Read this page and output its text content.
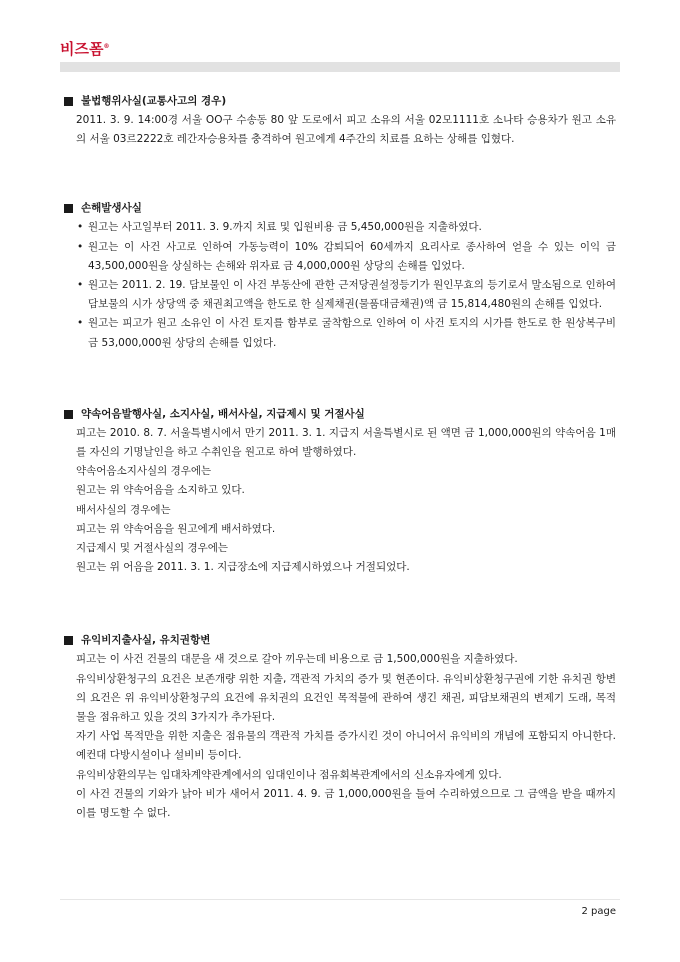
비즈폼®
불법행위사실(교통사고의 경우)

2011. 3. 9. 14:00경 서울 OO구 수송동 80 앞 도로에서 피고 소유의 서울 02모1111호 소나타 승용차가 원고 소유의 서울 03르2222호 레간자승용차를 충격하여 원고에게 4주간의 치료를 요하는 상해를 입혔다.

손해발생사실
• 원고는 사고일부터 2011. 3. 9.까지 치료 및 입원비용 금 5,450,000원을 지출하였다.
• 원고는 이 사건 사고로 인하여 가동능력이 10% 감퇴되어 60세까지 요리사로 종사하여 얻을 수 있는 이익 금 43,500,000원을 상실하는 손해와 위자료 금 4,000,000원 상당의 손해를 입었다.
• 원고는 2011. 2. 19. 담보물인 이 사건 부동산에 관한 근저당권설정등기가 원인무효의 등기로서 말소됨으로 인하여 담보물의 시가 상당액 중 채권최고액을 한도로 한 실제채권(물품대금채권)액 금 15,814,480원의 손해를 입었다.
• 원고는 피고가 원고 소유인 이 사건 토지를 함부로 굴착함으로 인하여 이 사건 토지의 시가를 한도로 한 원상복구비 금 53,000,000원 상당의 손해를 입었다.
약속어음발행사실, 소지사실, 배서사실, 지급제시 및 거절사실

피고는 2010. 8. 7. 서울특별시에서 만기 2011. 3. 1. 지급지 서울특별시로 된 액면 금 1,000,000원의 약속어음 1매를 자신의 기명날인을 하고 수취인을 원고로 하여 발행하였다.

약속어음소지사실의 경우에는

원고는 위 약속어음을 소지하고 있다.

배서사실의 경우에는

피고는 위 약속어음을 원고에게 배서하였다.

지급제시 및 거절사실의 경우에는

원고는 위 어음을 2011. 3. 1. 지급장소에 지급제시하였으나 거절되었다.

유익비지출사실, 유치권항변

피고는 이 사건 건물의 대문을 새 것으로 갈아 끼우는데 비용으로 금 1,500,000원을 지출하였다.

유익비상환청구의 요건은 보존개량 위한 지출, 객관적 가치의 증가 및 현존이다. 유익비상환청구권에 기한 유치권 항변의 요건은 위 유익비상환청구의 요건에 유치권의 요건인 목적물에 관하여 생긴 채권, 피담보채권의 변제기 도래, 목적물을 점유하고 있을 것의 3가지가 추가된다.

자기 사업 목적만을 위한 지출은 점유물의 객관적 가치를 증가시킨 것이 아니어서 유익비의 개념에 포함되지 아니한다. 예컨대 다방시설이나 설비비 등이다.

유익비상환의무는 임대차계약관계에서의 임대인이나 점유회복관계에서의 신소유자에게 있다.

이 사건 건물의 기와가 낡아 비가 새어서 2011. 4. 9. 금 1,000,000원을 들여 수리하였으므로 그 금액을 받을 때까지 이를 명도할 수 없다.

2 page
